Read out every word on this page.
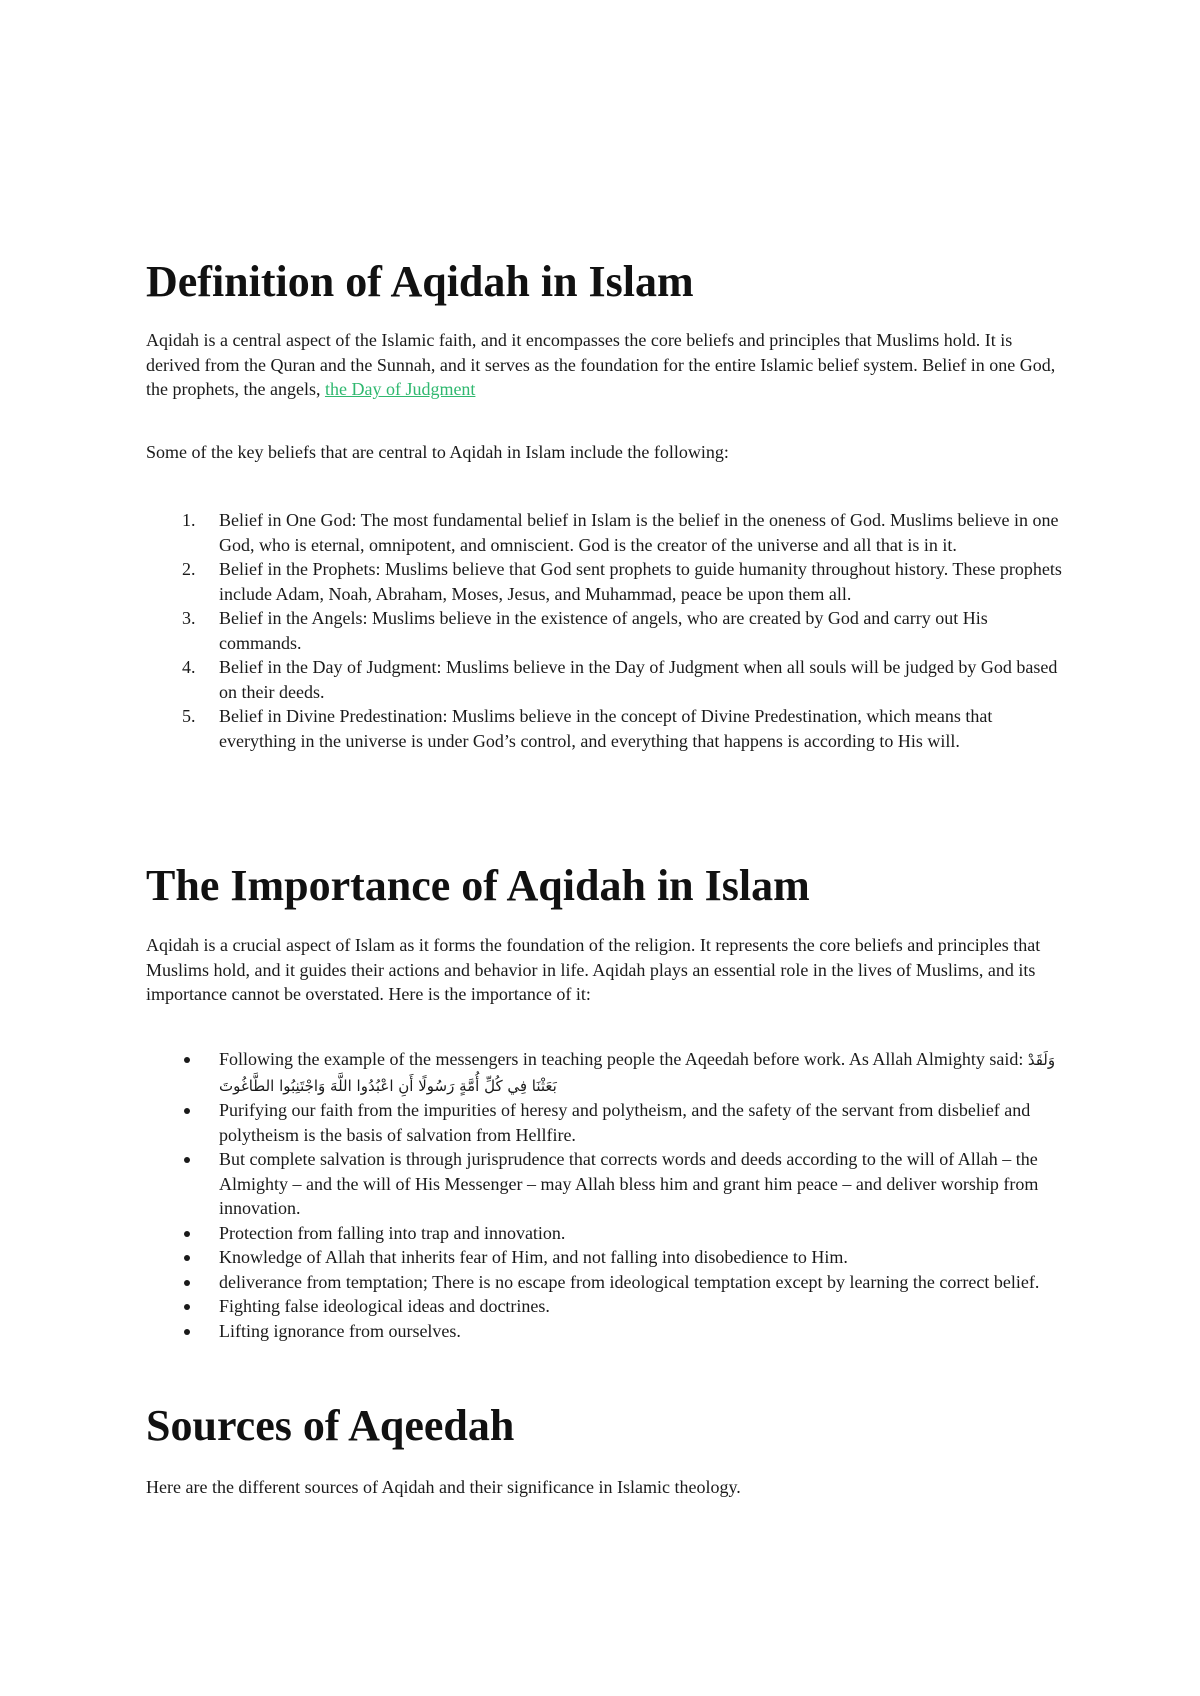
Definition of Aqidah in Islam

Aqidah is a central aspect of the Islamic faith, and it encompasses the core beliefs and principles that Muslims hold. It is derived from the Quran and the Sunnah, and it serves as the foundation for the entire Islamic belief system. Belief in one God, the prophets, the angels, the Day of Judgment

Some of the key beliefs that are central to Aqidah in Islam include the following:

1. Belief in One God: The most fundamental belief in Islam is the belief in the oneness of God. Muslims believe in one God, who is eternal, omnipotent, and omniscient. God is the creator of the universe and all that is in it.
2. Belief in the Prophets: Muslims believe that God sent prophets to guide humanity throughout history. These prophets include Adam, Noah, Abraham, Moses, Jesus, and Muhammad, peace be upon them all.
3. Belief in the Angels: Muslims believe in the existence of angels, who are created by God and carry out His commands.
4. Belief in the Day of Judgment: Muslims believe in the Day of Judgment when all souls will be judged by God based on their deeds.
5. Belief in Divine Predestination: Muslims believe in the concept of Divine Predestination, which means that everything in the universe is under God’s control, and everything that happens is according to His will.
The Importance of Aqidah in Islam

Aqidah is a crucial aspect of Islam as it forms the foundation of the religion. It represents the core beliefs and principles that Muslims hold, and it guides their actions and behavior in life. Aqidah plays an essential role in the lives of Muslims, and its importance cannot be overstated. Here is the importance of it:

Following the example of the messengers in teaching people the Aqeedah before work. As Allah Almighty said: وَلَقَدْ بَعَثْنَا فِي كُلِّ أُمَّةٍ رَسُولًا أَنِ اعْبُدُوا اللَّهَ وَاجْتَنِبُوا الطَّاغُوتَ
Purifying our faith from the impurities of heresy and polytheism, and the safety of the servant from disbelief and polytheism is the basis of salvation from Hellfire.
But complete salvation is through jurisprudence that corrects words and deeds according to the will of Allah – the Almighty – and the will of His Messenger – may Allah bless him and grant him peace – and deliver worship from innovation.
Protection from falling into trap and innovation.
Knowledge of Allah that inherits fear of Him, and not falling into disobedience to Him.
deliverance from temptation; There is no escape from ideological temptation except by learning the correct belief.
Fighting false ideological ideas and doctrines.
Lifting ignorance from ourselves.
Sources of Aqeedah

Here are the different sources of Aqidah and their significance in Islamic theology.
